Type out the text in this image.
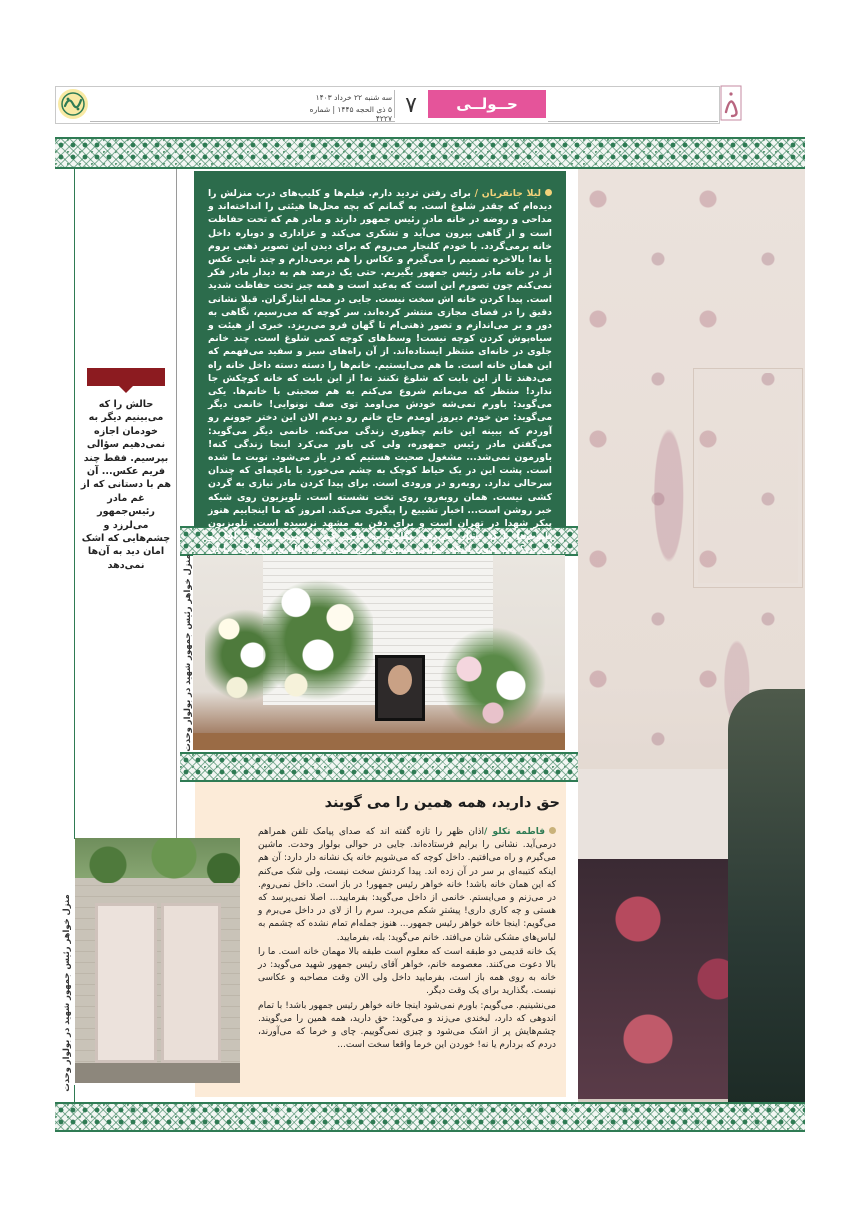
حــولــی
۷
سه شنبه ۲۲ خرداد ۱۴۰۳
۵ ذی الحجه ۱۴۴۵ | شماره ۴۲۲۷
لیلا جانقربان / برای رفتن تردید دارم. فیلم‌ها و کلیپ‌های درب منزلش را دیده‌ام که چقدر شلوغ است. به گمانم که بچه محل‌ها هیئتی را انداخته‌اند و مداحی و روضه در خانه مادر رئیس جمهور دارند و مادر هم که تحت حفاظت است و از گاهی بیرون می‌آید و تشکری می‌کند و عزاداری و دوباره داخل خانه برمی‌گردد. با خودم کلنجار می‌روم که برای دیدن این تصویر ذهنی بروم یا نه! بالاخره تصمیم را می‌گیرم و عکاس را هم برمی‌دارم و چند تایی عکس از در خانه مادر رئیس جمهور بگیریم. حتی یک درصد هم به دیدار مادر فکر نمی‌کنم چون تصورم این است که به‌عید است و همه چیز تحت حفاظت شدید است. پیدا کردن خانه اش سخت نیست. جایی در محله ایثارگران. قبلا نشانی دقیق را در فضای مجازی منتشر کرده‌اند. سر کوچه که می‌رسیم، نگاهی به دور و بر می‌اندازم و تصور ذهنی‌ام تا گهان فرو می‌ریزد. خبری از هیئت و سیاه‌پوش کردن کوچه نیست! وسط‌های کوچه کمی شلوغ است. چند خانم جلوی در خانه‌ای منتظر ایستاده‌اند. از آن راه‌های سبز و سفید می‌فهمم که این همان خانه است. ما هم می‌ایستیم. خانم‌ها را دسته دسته داخل خانه راه می‌دهند تا از این بابت که شلوغ نکنند نه! از این بابت که خانه کوچکش جا ندارد! منتظر که می‌مانم شروع می‌کنم به هم صحبتی با خانم‌ها. یکی می‌گوید: باورم نمی‌شه خودش می‌اومد توی صف نونوایی! خانمی دیگر می‌گوید: من خودم دیروز اومدم حاج خانم رو دیدم الان این دختر جوونم رو آوردم که ببینه این خانم چطوری زندگی می‌کنه. خانمی دیگر می‌گوید: می‌گفتن مادر رئیس جمهوره، ولی کی باور می‌کرد اینجا زندگی کنه! باورمون نمی‌شد... مشغول صحبت هستیم که در باز می‌شود. نوبت ما شده است. پشت این در یک حیاط کوچک به چشم می‌خورد با باغچه‌ای که چندان سرحالی ندارد. روبه‌رو در ورودی است. برای پیدا کردن مادر نیازی به گردن کشی نیست. همان روبه‌رو، روی تخت نشسته است. تلویزیون روی شبکه خبر روشن است... اخبار تشییع را پیگیری می‌کند. امروز که ما اینجاییم هنوز پیکر شهدا در تهران است و برای دفن به مشهد نرسیده است. تلویزیون تابوت‌ها را که نشان می‌دهد، نگاهی به مامی کند و می‌پرسد: حاج آقا رو آوردن؟ بعد بدون اینکه جوابی بشنود شروع می‌کند به ناله و عزاداری. با آن
حالش را که می‌بینیم دیگر به خودمان اجازه نمی‌دهیم سؤالی بپرسیم. فقط چند فریم عکس... آن هم با دستانی که از غم مادر رئیس‌جمهور می‌لرزد و چشم‌هایی که اشک امان دید به آن‌ها نمی‌دهد	منزل خواهر رئیس جمهور شهید در بولوار وحدت
حق دارید، همه همین را می گویند

فاطمه تکلو /اذان ظهر را تازه گفته اند که صدای پیامک تلفن همراهم درمی‌آید. نشانی را برایم فرستاده‌اند. جایی در حوالی بولوار وحدت. ماشین می‌گیرم و راه می‌افتیم. داخل کوچه که می‌شویم خانه یک نشانه دار دارد: آن هم اینکه کتیبه‌ای بر سر در آن زده اند. پیدا کردنش سخت نیست، ولی شک می‌کنم که این همان خانه باشد! خانه خواهر رئیس جمهور! در باز است. داخل نمی‌روم. در می‌زنم و می‌ایستم. خانمی از داخل می‌گوید: بفرمایید... اصلا نمی‌پرسد که هستی و چه کاری داری! پیشترِ شکم می‌برد. سرم را از لای در داخل می‌برم و می‌گویم: اینجا خانه خواهر رئیس جمهور... هنوز جمله‌ام تمام نشده که چشمم به لباس‌های مشکی شان می‌افتد. خانم می‌گوید: بله، بفرمایید.

یک خانه قدیمی دو طبقه است که معلوم است طبقه بالا مهمان خانه است. ما را بالا دعوت می‌کنند. معصومه خانم، خواهر آقای رئیس جمهور شهید می‌گوید: در خانه به روی همه باز است، بفرمایید داخل ولی الان وقت مصاحبه و عکاسی نیست. بگذارید برای یک وقت دیگر.

می‌نشینیم. می‌گویم: باورم نمی‌شود اینجا خانه خواهر رئیس جمهور باشد! با تمام اندوهی که دارد، لبخندی می‌زند و می‌گوید: حق دارید، همه همین را می‌گویند. چشم‌هایش پر از اشک می‌شود و چیزی نمی‌گوییم. چای و خرما که می‌آورند، دردم که بردارم یا نه! خوردن این خرما واقعا سخت است...

منزل خواهر رئیس جمهور شهید در بولوار وحدت
